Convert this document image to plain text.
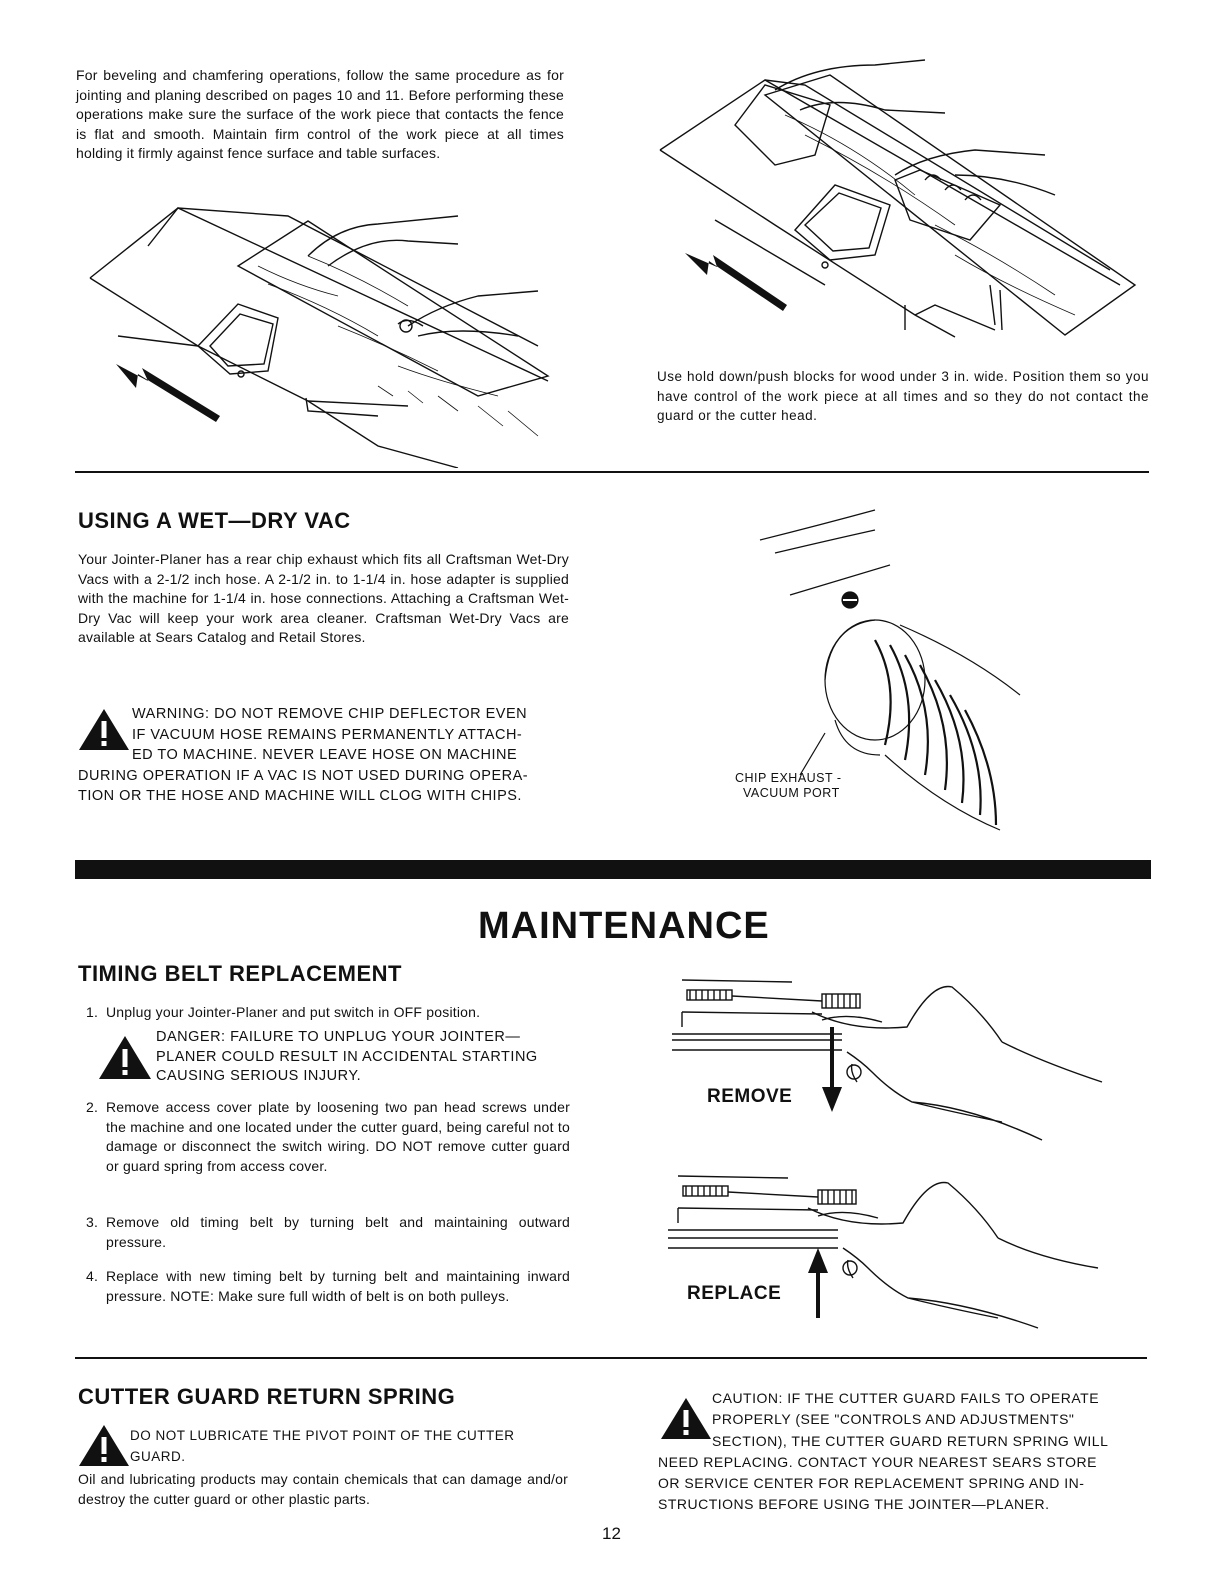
For beveling and chamfering operations, follow the same procedure as for jointing and planing described on pages 10 and 11. Before performing these operations make sure the surface of the work piece that contacts the fence is flat and smooth. Maintain firm control of the work piece at all times holding it firmly against fence surface and table surfaces.

Use hold down/push blocks for wood under 3 in. wide. Position them so you have control of the work piece at all times and so they do not contact the guard or the cutter head.

USING A WET—DRY VAC

Your Jointer-Planer has a rear chip exhaust which fits all Craftsman Wet-Dry Vacs with a 2-1/2 inch hose. A 2-1/2 in. to 1-1/4 in. hose adapter is supplied with the machine for 1-1/4 in. hose connections. Attaching a Craftsman Wet-Dry Vac will keep your work area cleaner. Craftsman Wet-Dry Vacs are available at Sears Catalog and Retail Stores.

WARNING: DO NOT REMOVE CHIP DEFLECTOR EVEN
IF VACUUM HOSE REMAINS PERMANENTLY ATTACH-
ED TO MACHINE. NEVER LEAVE HOSE ON MACHINE
DURING OPERATION IF A VAC IS NOT USED DURING OPERA-
TION OR THE HOSE AND MACHINE WILL CLOG WITH CHIPS.
CHIP EXHAUST -
VACUUM PORT
MAINTENANCE
TIMING BELT REPLACEMENT
1. Unplug your Jointer-Planer and put switch in OFF position.
DANGER: FAILURE TO UNPLUG YOUR JOINTER—
PLANER COULD RESULT IN ACCIDENTAL STARTING
CAUSING SERIOUS INJURY.
2. Remove access cover plate by loosening two pan head screws under the machine and one located under the cutter guard, being careful not to damage or disconnect the switch wiring. DO NOT remove cutter guard or guard spring from access cover.
3. Remove old timing belt by turning belt and maintaining outward pressure.
4. Replace with new timing belt by turning belt and maintaining inward pressure. NOTE: Make sure full width of belt is on both pulleys.
REMOVE
REPLACE
CUTTER GUARD RETURN SPRING
DO NOT LUBRICATE THE PIVOT POINT OF THE CUTTER
GUARD.

Oil and lubricating products may contain chemicals that can damage and/or destroy the cutter guard or other plastic parts.

CAUTION: IF THE CUTTER GUARD FAILS TO OPERATE
PROPERLY (SEE "CONTROLS AND ADJUSTMENTS"
SECTION), THE CUTTER GUARD RETURN SPRING WILL
NEED REPLACING. CONTACT YOUR NEAREST SEARS STORE
OR SERVICE CENTER FOR REPLACEMENT SPRING AND IN-
STRUCTIONS BEFORE USING THE JOINTER—PLANER.
12
